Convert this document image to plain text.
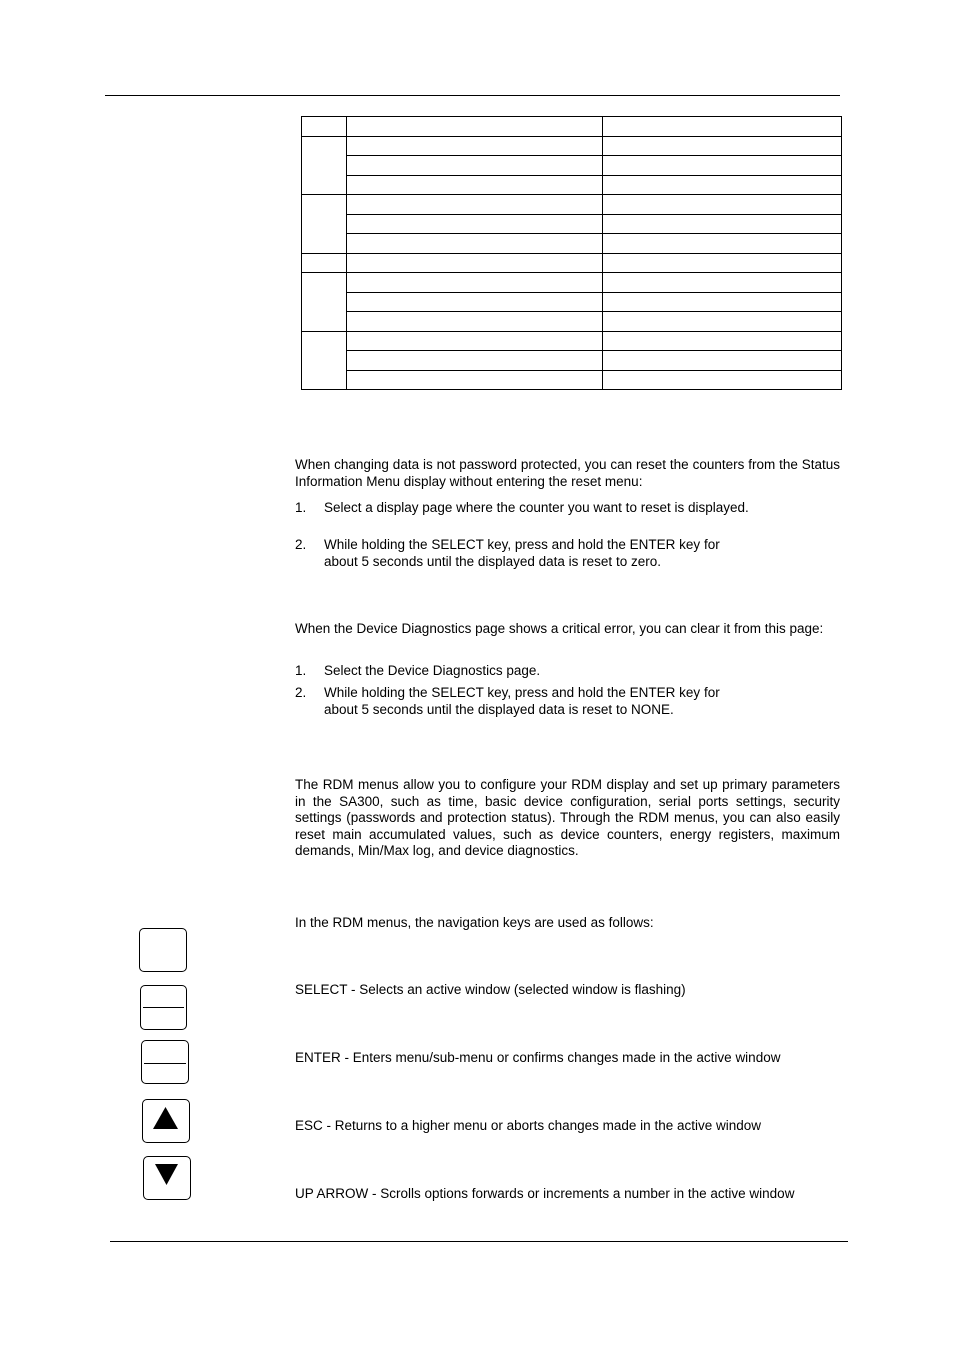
When changing data is not password protected, you can reset the counters from the Status Information Menu display without entering the reset menu:

1. Select a display page where the counter you want to reset is displayed.
2. While holding the SELECT key, press and hold the ENTER key for about 5 seconds until the displayed data is reset to zero.

When the Device Diagnostics page shows a critical error, you can clear it from this page:

1. Select the Device Diagnostics page.
2. While holding the SELECT key, press and hold the ENTER key for about 5 seconds until the displayed data is reset to NONE.

The RDM menus allow you to configure your RDM display and set up primary parameters in the SA300, such as time, basic device configuration, serial ports settings, security settings (passwords and protection status). Through the RDM menus, you can also easily reset main accumulated values, such as device counters, energy registers, maximum demands, Min/Max log, and device diagnostics.

In the RDM menus, the navigation keys are used as follows:
SELECT - Selects an active window (selected window is flashing)
ENTER - Enters menu/sub-menu or confirms changes made in the active window
ESC - Returns to a higher menu or aborts changes made in the active window
UP ARROW - Scrolls options forwards or increments a number in the active window
